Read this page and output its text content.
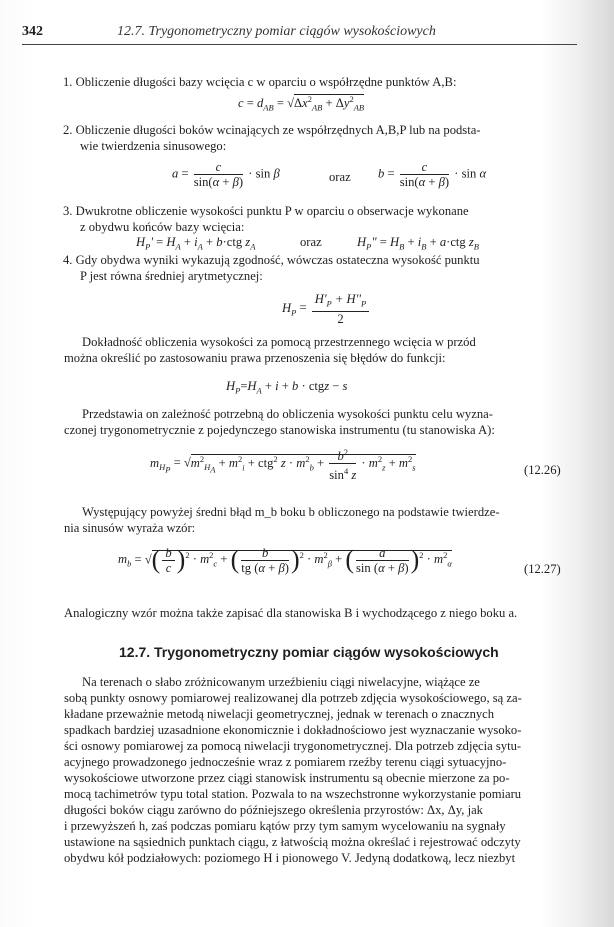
342	12.7. Trygonometryczny pomiar ciągów wysokościowych
1. Obliczenie długości bazy wcięcia c w oparciu o współrzędne punktów A,B:
$c = d_{AB} = √\Delta x^2_{AB} + \Delta y^2_{AB}$
2. Obliczenie długości boków wcinających ze współrzędnych A,B,P lub na podsta-
wie twierdzenia sinusowego:
$a = \frac{c}{\sin(\alpha + \beta)} \cdot \sin \beta$	oraz $b = \frac{c}{\sin(\alpha + \beta)} \cdot \sin \alpha$
3. Dwukrotne obliczenie wysokości punktu P w oparciu o obserwacje wykonane
z obydwu końców bazy wcięcia:
$H_P' = H_A + i_A + b\cdot ctg$ $z_A$	oraz	$H_P$" = $H_B + i_B + a\cdot ctg$ $z_B$
4. Gdy obydwa wyniki wykazują zgodność, wówczas ostateczna wysokość punktu
P jest równa średniej arytmetycznej:
$H_P = \frac{H'_P + H''_P}{2}$
Dokładność obliczenia wysokości za pomocą przestrzennego wcięcia w przód
można określić po zastosowaniu prawa przenoszenia się błędów do funkcji:
$H_P=H_A + i + b$ · ctgz − s
Przedstawia on zależność potrzebną do obliczenia wysokości punktu celu wyzna-
czonej trygonometrycznie z pojedynczego stanowiska instrumentu (tu stanowiska A):
$m_{H_P} = √m^2_{H_A} + m^2_i + ctg^2$ $z \cdot m^2_b + \frac{b^2}{\sin^4 z} \cdot m^2_z + m^2_s$	(12.26)
Występujący powyżej średni błąd m_b boku b obliczonego na podstawie twierdze-
nia sinusów wyraża wzór:
$m_b$ = √( $\frac{b}{c} )^2 \cdot m^2_c$ + ( $\frac{b}{tg (\alpha + \beta)} )^2 \cdot m^2_\beta$ + ( $\frac{a}{\sin (\alpha + \beta)} )^2 \cdot m^2_\alpha$	(12.27)
Analogiczny wzór można także zapisać dla stanowiska B i wychodzącego z niego boku a.
12.7. Trygonometryczny pomiar ciągów wysokościowych
Na terenach o słabo zróżnicowanym urzeźbieniu ciągi niwelacyjne, wiążące ze
sobą punkty osnowy pomiarowej realizowanej dla potrzeb zdjęcia wysokościowego, są za-
kładane przeważnie metodą niwelacji geometrycznej, jednak w terenach o znacznych
spadkach bardziej uzasadnione ekonomicznie i dokładnościowo jest wyznaczanie wysoko-
ści osnowy pomiarowej za pomocą niwelacji trygonometrycznej. Dla potrzeb zdjęcia sytu-
acyjnego prowadzonego jednocześnie wraz z pomiarem rzeźby terenu ciągi sytuacyjno-
wysokościowe utworzone przez ciągi stanowisk instrumentu są obecnie mierzone za po-
mocą tachimetrów typu total station. Pozwala to na wszechstronne wykorzystanie pomiaru
długości boków ciągu zarówno do późniejszego określenia przyrostów: Δx, Δy, jak
i przewyższeń h, zaś podczas pomiaru kątów przy tym samym wycelowaniu na sygnały
ustawione na sąsiednich punktach ciągu, z łatwością można określać i rejestrować odczyty
obydwu kół podziałowych: poziomego H i pionowego V. Jedyną dodatkową, lecz niezbyt
